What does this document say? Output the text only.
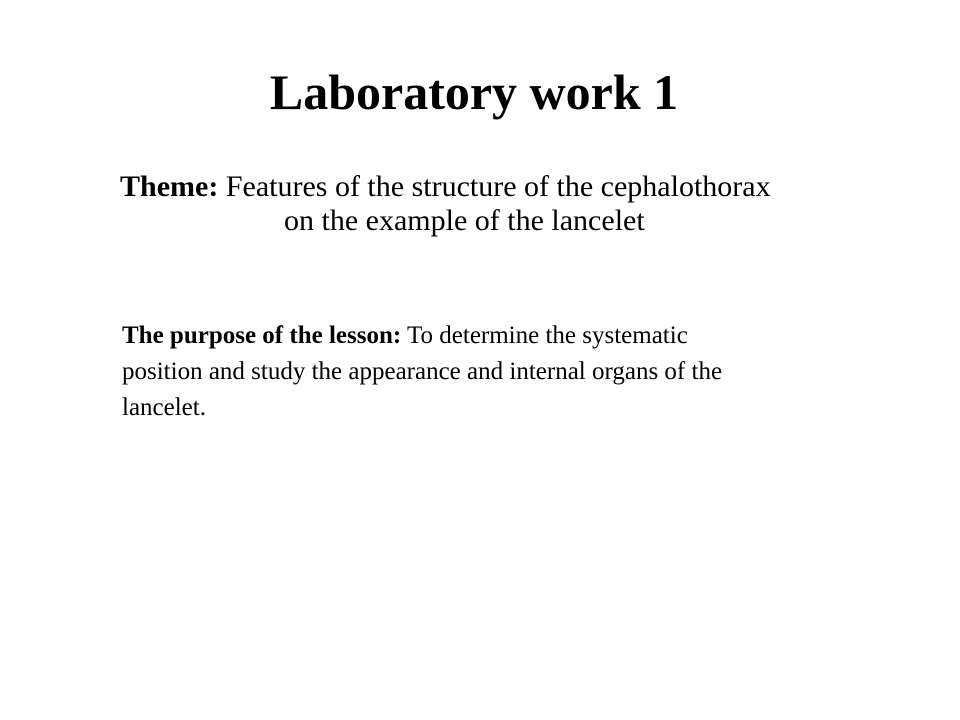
Laboratory work 1

Theme: Features of the structure of the cephalothorax
on the example of the lancelet

The purpose of the lesson: To determine the systematic
position and study the appearance and internal organs of the
lancelet.
